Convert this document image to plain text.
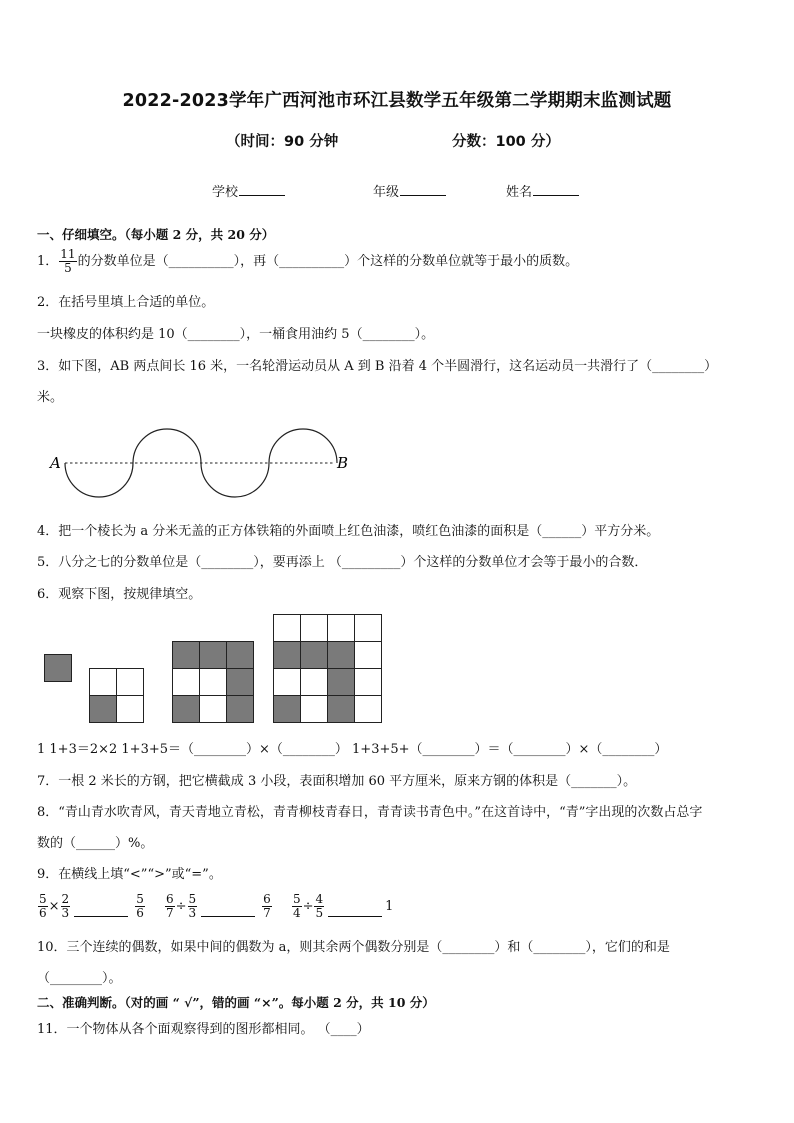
2022-2023学年广西河池市环江县数学五年级第二学期期末监测试题
（时间：90 分钟	分数：100 分）
学校	年级	姓名
一、仔细填空。（每小题 2 分，共 20 分）
1． $\frac{11}{5}$ 的分数单位是（__________），再（__________）个这样的分数单位就等于最小的质数。
2．在括号里填上合适的单位。
一块橡皮的体积约是 10（________），一桶食用油约 5（________）。
3．如下图，AB 两点间长 16 米，一名轮滑运动员从 A 到 B 沿着 4 个半圆滑行，这名运动员一共滑行了（________）
米。
A	B
4．把一个棱长为 a 分米无盖的正方体铁箱的外面喷上红色油漆，喷红色油漆的面积是（______）平方分米。
5．八分之七的分数单位是（________），要再添上 （_________）个这样的分数单位才会等于最小的合数．
6．观察下图，按规律填空。
1 1+3＝2×2 1+3+5＝（________）×（________） 1+3+5+（________）＝（________）×（________）
7．一根 2 米长的方钢，把它横截成 3 小段，表面积增加 60 平方厘米，原来方钢的体积是（_______）。
8．“青山青水吹青风，青天青地立青松，青青柳枝青春日，青青读书青色中。”在这首诗中，“青”字出现的次数占总字
数的（______）%。
9．在横线上填“<”“>”或“=”。
$\frac{5}{6} \times \frac{2}{3}$	$\frac{5}{6}$
$\frac{6}{7} \div \frac{5}{3}$	$\frac{6}{7}$
$\frac{5}{4} \div \frac{4}{5}$	1
10．三个连续的偶数，如果中间的偶数为 a，则其余两个偶数分别是（________）和（________），它们的和是
（________）。
二、准确判断。（对的画 “ √”，错的画 “×”。每小题 2 分，共 10 分）
11．一个物体从各个面观察得到的图形都相同。 （____）
